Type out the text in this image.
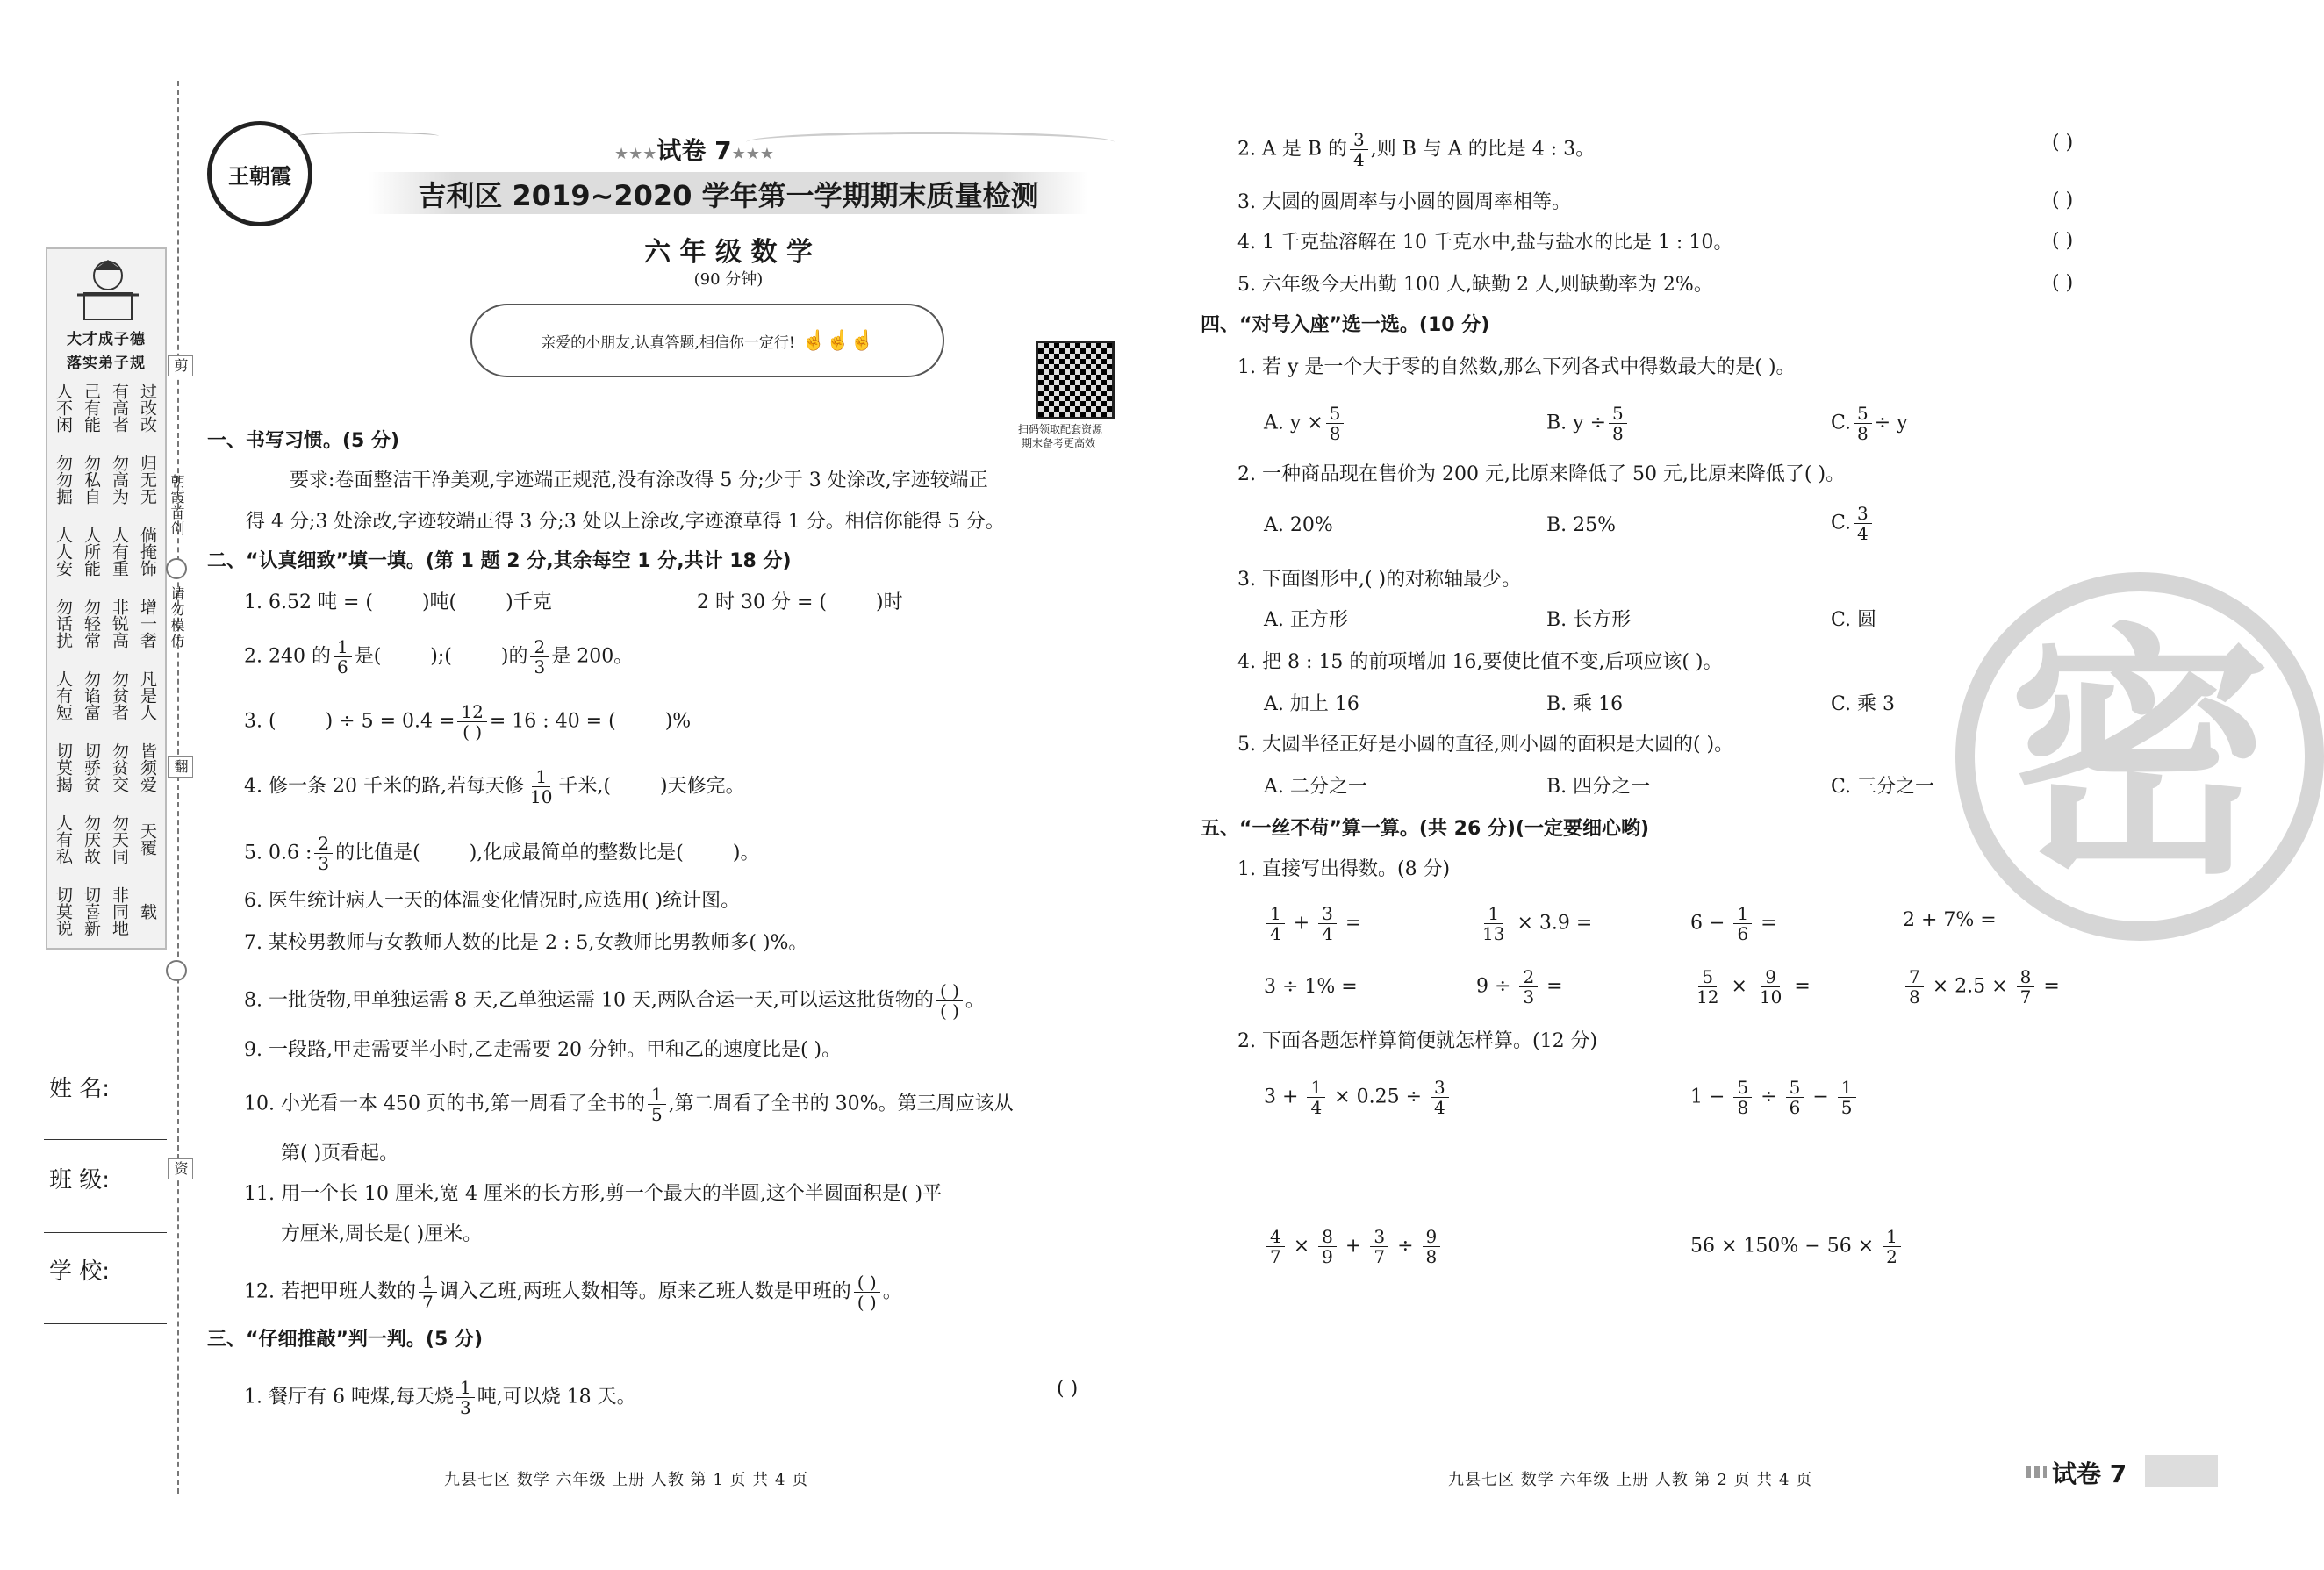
大才成子德
落实弟子规
人不闲 己有能 有高者 过改改
勿勿掘 勿私自 勿高为 归无无
人人安 人所能 人有重 倘掩饰
勿话扰 勿轻常 非锐高 增一奢
人有短 勿谄富 勿贫者 凡是人
切莫揭 切骄贫 勿贫交 皆须爱
人有私 勿厌故 勿天同 天覆
切莫说 切喜新 非同地 载
剪
朝霞首创
请勿模仿
翻
资
姓 名:
班 级:
学 校:
王朝霞
★★★试卷 7★★★
吉利区 2019~2020 学年第一学期期末质量检测
六 年 级 数 学
(90 分钟)
亲爱的小朋友,认真答题,相信你一定行! ☝☝☝
扫码领取配套资源
期末备考更高效
一、书写习惯。(5 分)
要求:卷面整洁干净美观,字迹端正规范,没有涂改得 5 分;少于 3 处涂改,字迹较端正
得 4 分;3 处涂改,字迹较端正得 3 分;3 处以上涂改,字迹潦草得 1 分。相信你能得 5 分。
二、“认真细致”填一填。(第 1 题 2 分,其余每空 1 分,共计 18 分)
1. 6.52 吨 = (	)吨(	)千克	2 时 30 分 = (	)时
2. 240 的 $\frac{1}{6}$ 是(	);(	)的 $\frac{2}{3}$ 是 200。
3. (	) ÷ $5 = 0.4 = \frac{12}{( )} = 16$ : 40 = (	)%
4. 修一条 20 千米的路,若每天修 $\frac{1}{10}$ 千米,(	)天修完。
5. 0.6 : $\frac{2}{3}$ 的比值是(	),化成最简单的整数比是(	)。
6. 医生统计病人一天的体温变化情况时,应选用( )统计图。
7. 某校男教师与女教师人数的比是 2 : 5,女教师比男教师多( )%。
8. 一批货物,甲单独运需 8 天,乙单独运需 10 天,两队合运一天,可以运这批货物的 $\frac{( )}{( )}$ 。
9. 一段路,甲走需要半小时,乙走需要 20 分钟。甲和乙的速度比是( )。
10. 小光看一本 450 页的书,第一周看了全书的 $\frac{1}{5}$ ,第二周看了全书的 30%。第三周应该从
第( )页看起。
11. 用一个长 10 厘米,宽 4 厘米的长方形,剪一个最大的半圆,这个半圆面积是( )平
方厘米,周长是( )厘米。
12. 若把甲班人数的 $\frac{1}{7}$ 调入乙班,两班人数相等。原来乙班人数是甲班的 $\frac{( )}{( )}$ 。
三、“仔细推敲”判一判。(5 分)
1. 餐厅有 6 吨煤,每天烧 $\frac{1}{3}$ 吨,可以烧 18 天。	( )
2. A 是 B 的 $\frac{3}{4}$ ,则 B 与 A 的比是 4 : 3。	( )
3. 大圆的圆周率与小圆的圆周率相等。	( )
4. 1 千克盐溶解在 10 千克水中,盐与盐水的比是 1 : 10。	( )
5. 六年级今天出勤 100 人,缺勤 2 人,则缺勤率为 2%。	( )
四、“对号入座”选一选。(10 分)
1. 若 y 是一个大于零的自然数,那么下列各式中得数最大的是( )。
A. $y \times \frac{5}{8}$	B. $y \div \frac{5}{8}$	C. $\frac{5}{8} \div y$
2. 一种商品现在售价为 200 元,比原来降低了 50 元,比原来降低了( )。
A. 20%	B. 25%	C. $\frac{3}{4}$
3. 下面图形中,( )的对称轴最少。
A. 正方形	B. 长方形	C. 圆
4. 把 8 : 15 的前项增加 16,要使比值不变,后项应该( )。
A. 加上 16	B. 乘 16	C. 乘 3
5. 大圆半径正好是小圆的直径,则小圆的面积是大圆的( )。
A. 二分之一	B. 四分之一	C. 三分之一
五、“一丝不苟”算一算。(共 26 分)(一定要细心哟)
1. 直接写出得数。(8 分)
$\frac{1}{4} + \frac{3}{4}$ =	$\frac{1}{13} \times 3.9$ =	$6 - \frac{1}{6}$ =	2 + 7% =
3 ÷ 1% =	$9 \div \frac{2}{3}$ =	$\frac{5}{12} \times \frac{9}{10}$ =	$\frac{7}{8} \times 2.5 \times \frac{8}{7}$ =
2. 下面各题怎样算简便就怎样算。(12 分)
$3 + \frac{1}{4} \times 0.25 \div \frac{3}{4}$	$1 - \frac{5}{8} \div \frac{5}{6} - \frac{1}{5}$
$\frac{4}{7} \times \frac{8}{9} + \frac{3}{7} \div \frac{9}{8}$	$56 \times 150\% - 56 \times \frac{1}{2}$
密
九县七区 数学 六年级 上册 人教 第 1 页 共 4 页	九县七区 数学 六年级 上册 人教 第 2 页 共 4 页	试卷 7
